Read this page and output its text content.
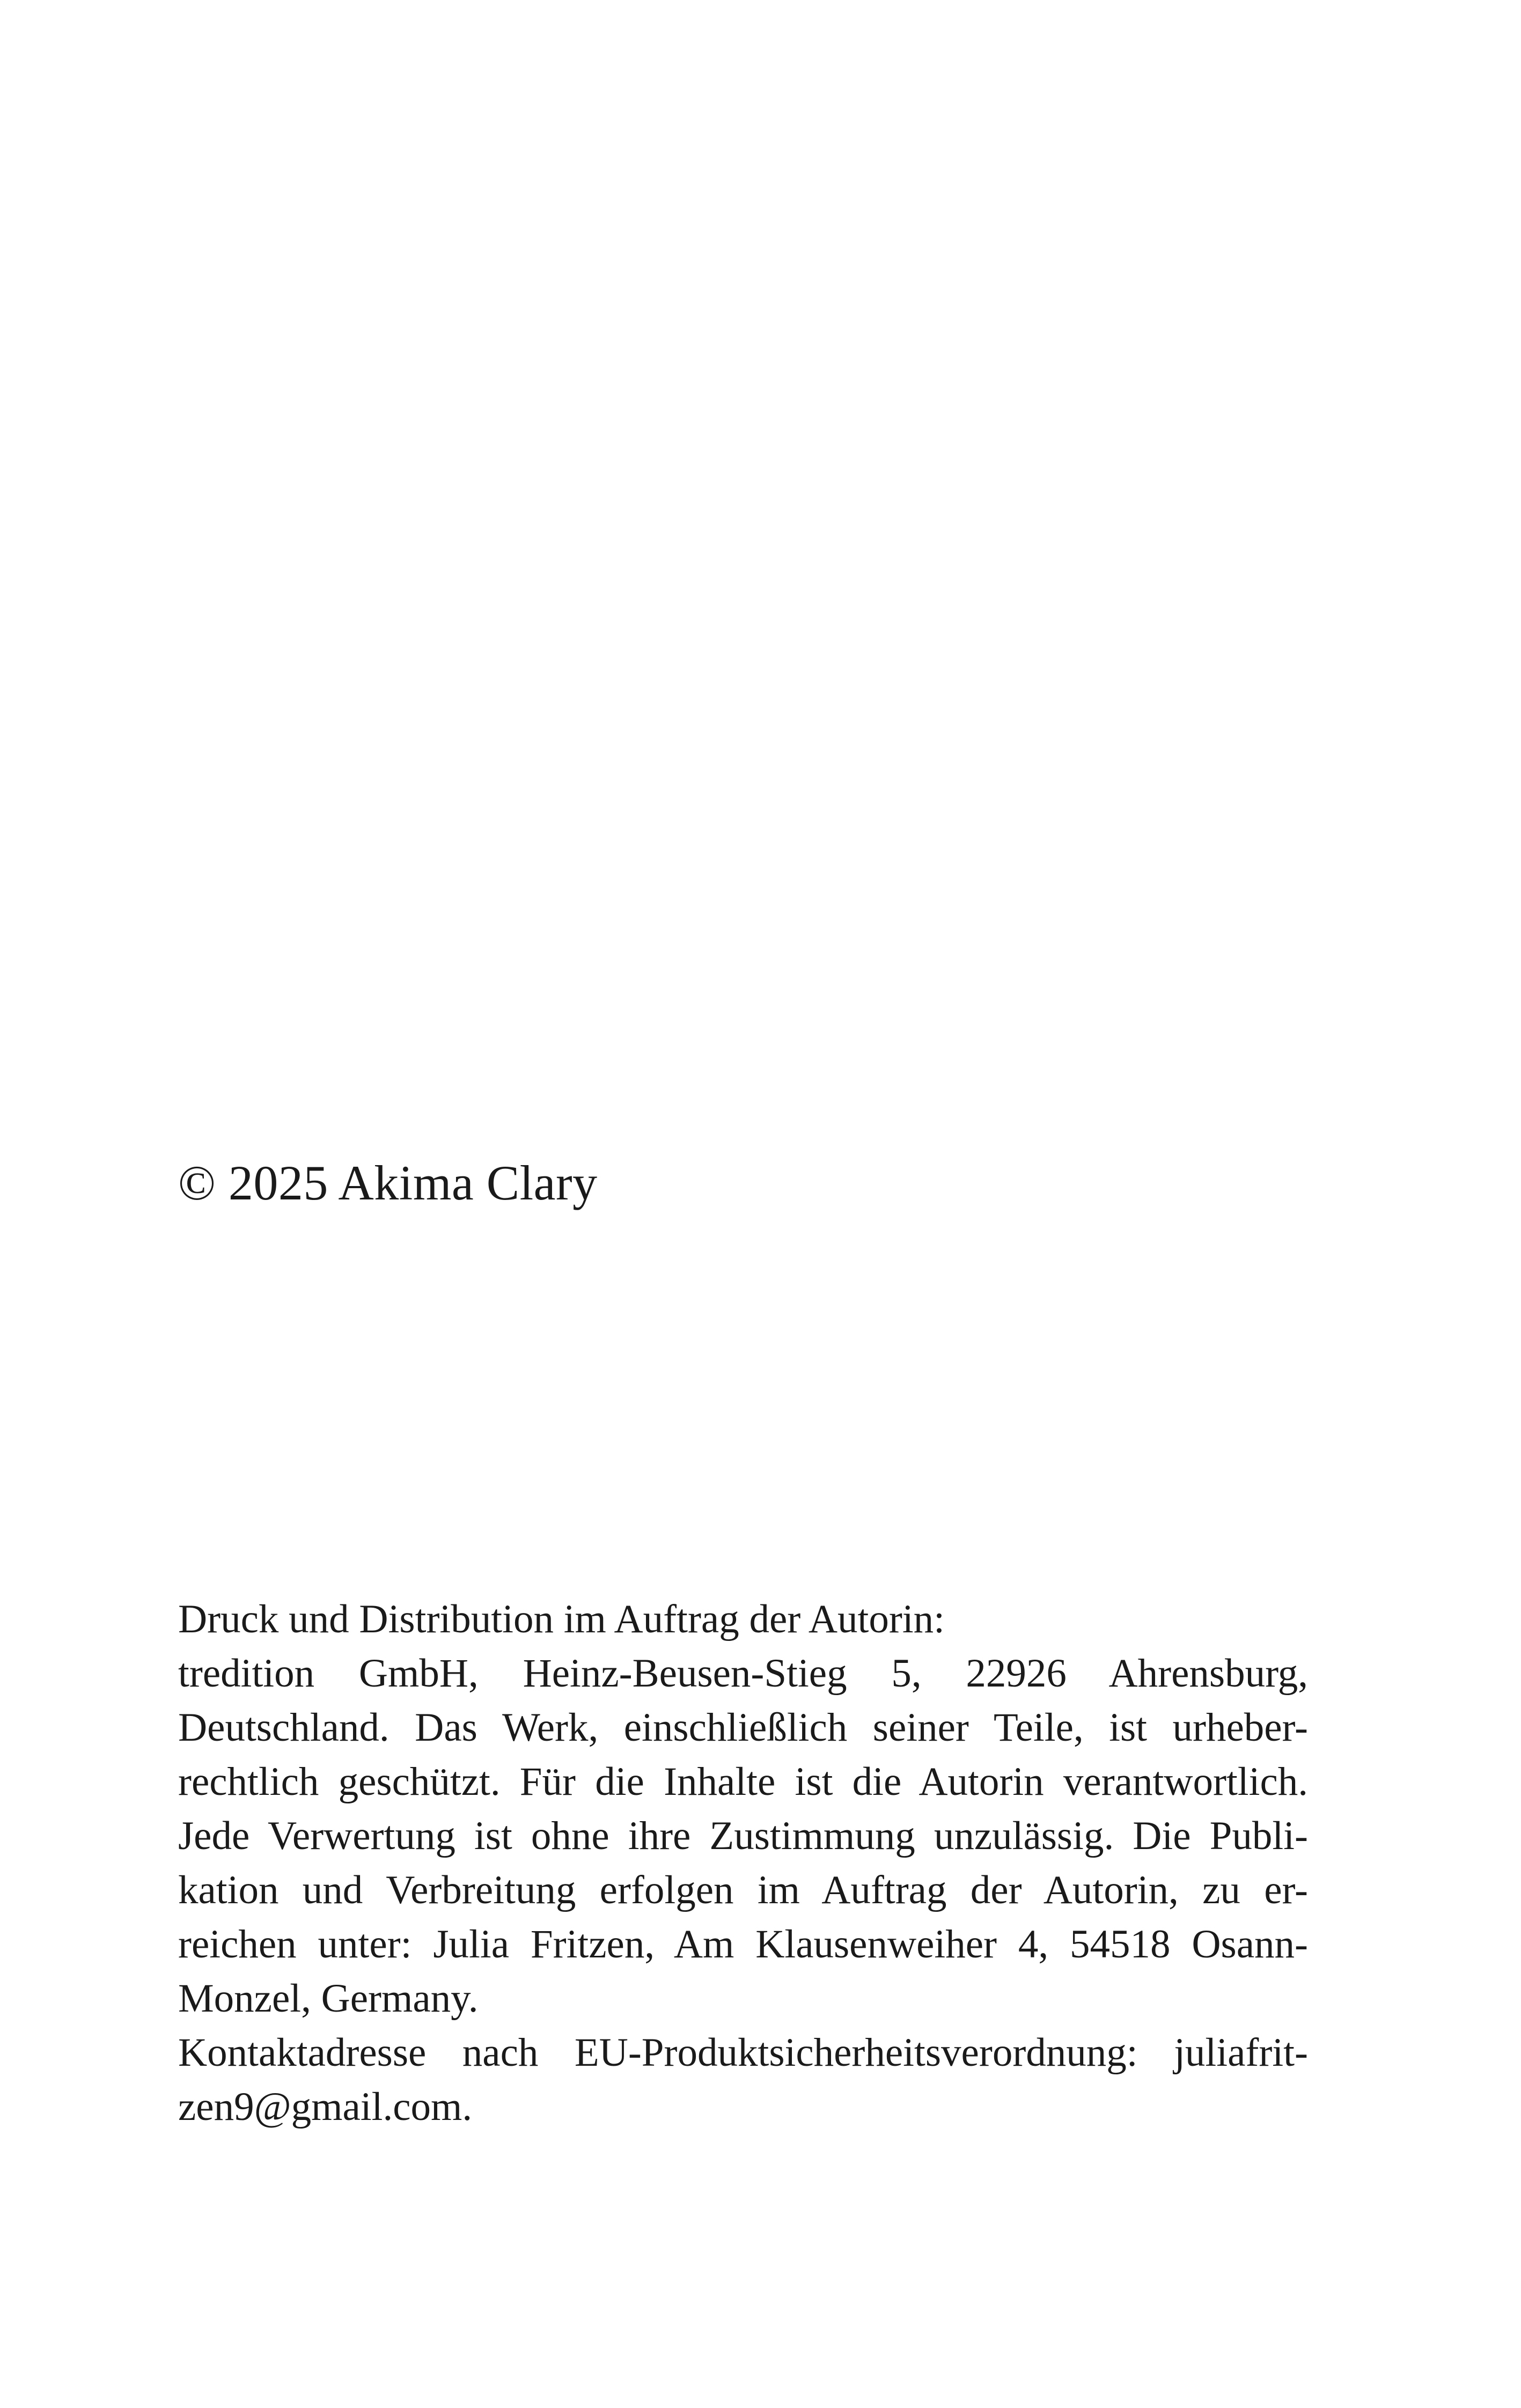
© 2025 Akima Clary
Druck und Distribution im Auftrag der Autorin:
tredition GmbH, Heinz-Beusen-Stieg 5, 22926 Ahrensburg,
Deutschland. Das Werk, einschließlich seiner Teile, ist urheber-
rechtlich geschützt. Für die Inhalte ist die Autorin verantwortlich.
Jede Verwertung ist ohne ihre Zustimmung unzulässig. Die Publi-
kation und Verbreitung erfolgen im Auftrag der Autorin, zu er-
reichen unter: Julia Fritzen, Am Klausenweiher 4, 54518 Osann-
Monzel, Germany.
Kontaktadresse nach EU-Produktsicherheitsverordnung: juliafrit-
zen9@gmail.com.
